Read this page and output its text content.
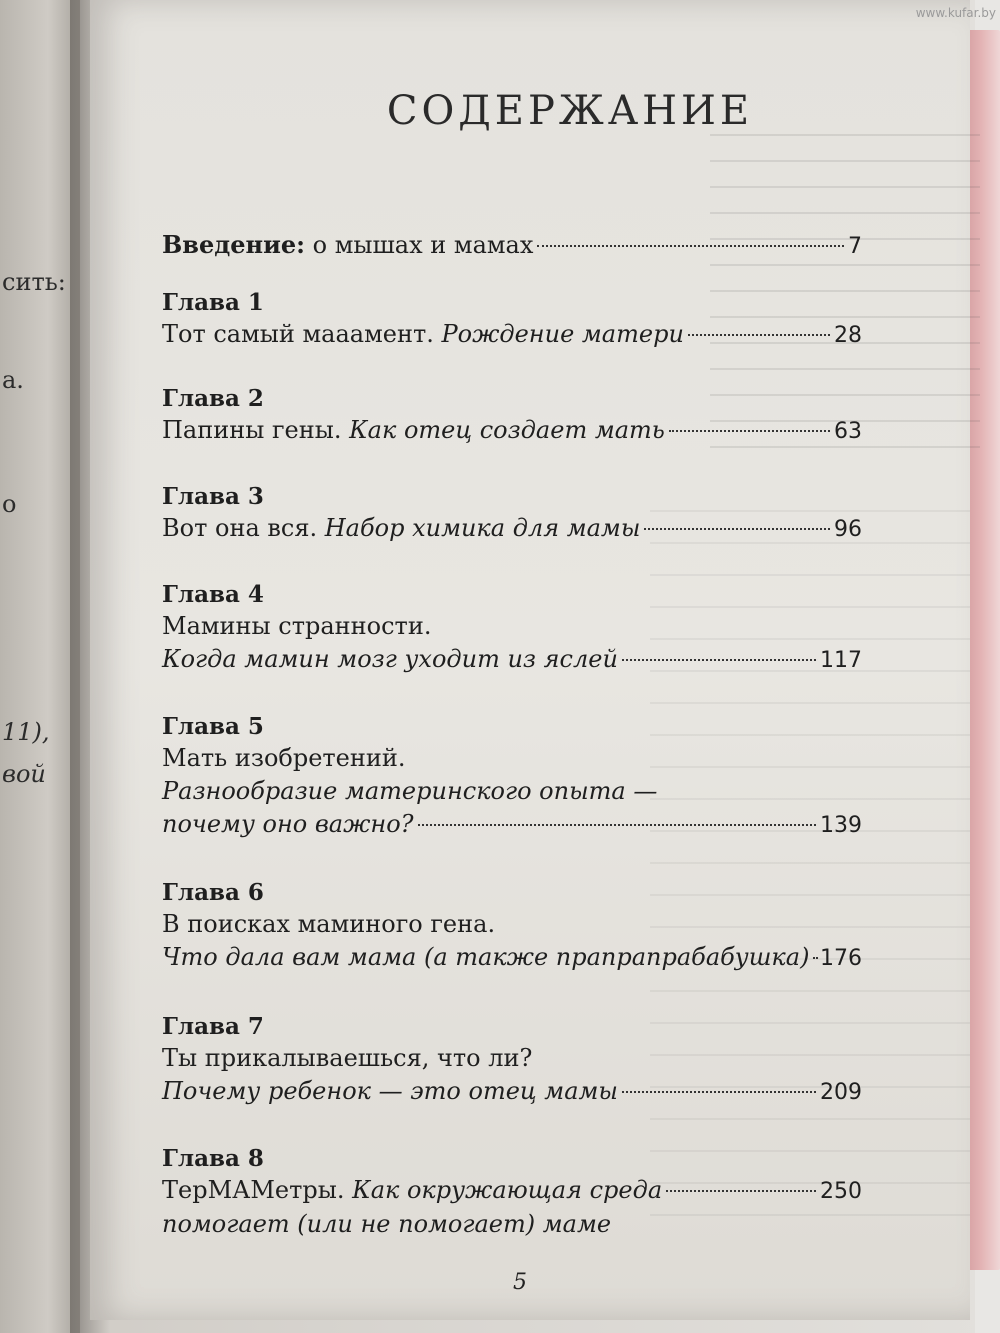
сить:
а.
о
11),
вой
СОДЕРЖАНИЕ
Введение:
о мышах и мамах	7
Глава 1
Тот самый мааамент.
Рождение матери	28
Глава 2
Папины гены.
Как отец создает мать	63
Глава 3
Вот она вся.
Набор химика для мамы	96
Глава 4
Мамины странности.
Когда мамин мозг уходит из яслей	117
Глава 5
Мать изобретений.
Разнообразие материнского опыта —
почему оно важно?	139
Глава 6
В поисках маминого гена.
Что дала вам мама (а также прапрапрабабушка) 176
Глава 7
Ты прикалываешься, что ли?
Почему ребенок — это отец мамы	209
Глава 8
ТерМАМетры.
Как окружающая среда	250
помогает (или не помогает) маме
5
www.kufar.by
